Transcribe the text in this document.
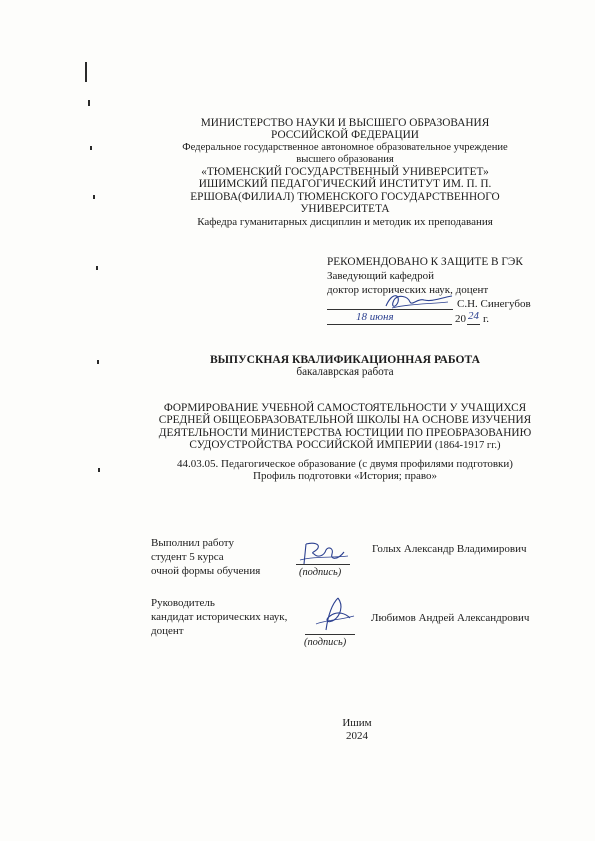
МИНИСТЕРСТВО НАУКИ И ВЫСШЕГО ОБРАЗОВАНИЯ
РОССИЙСКОЙ ФЕДЕРАЦИИ
Федеральное государственное автономное образовательное учреждение
высшего образования
«ТЮМЕНСКИЙ ГОСУДАРСТВЕННЫЙ УНИВЕРСИТЕТ»
ИШИМСКИЙ ПЕДАГОГИЧЕСКИЙ ИНСТИТУТ ИМ. П. П.
ЕРШОВА(ФИЛИАЛ) ТЮМЕНСКОГО ГОСУДАРСТВЕННОГО
УНИВЕРСИТЕТА
Кафедра гуманитарных дисциплин и методик их преподавания
РЕКОМЕНДОВАНО К ЗАЩИТЕ В ГЭК
Заведующий кафедрой
доктор исторических наук, доцент
С.Н. Синегубов
20 г.
18 июня	24
ВЫПУСКНАЯ КВАЛИФИКАЦИОННАЯ РАБОТА
бакалаврская работа
ФОРМИРОВАНИЕ УЧЕБНОЙ САМОСТОЯТЕЛЬНОСТИ У УЧАЩИХСЯ
СРЕДНЕЙ ОБЩЕОБРАЗОВАТЕЛЬНОЙ ШКОЛЫ НА ОСНОВЕ ИЗУЧЕНИЯ
ДЕЯТЕЛЬНОСТИ МИНИСТЕРСТВА ЮСТИЦИИ ПО ПРЕОБРАЗОВАНИЮ
СУДОУСТРОЙСТВА РОССИЙСКОЙ ИМПЕРИИ (1864-1917 гг.)
44.03.05. Педагогическое образование (с двумя профилями подготовки)
Профиль подготовки «История; право»
Выполнил работу
студент 5 курса
очной формы обучения	(подпись)
Голых Александр Владимирович
Руководитель
кандидат исторических наук,
доцент
(подпись)
Любимов Андрей Александрович
Ишим
2024
